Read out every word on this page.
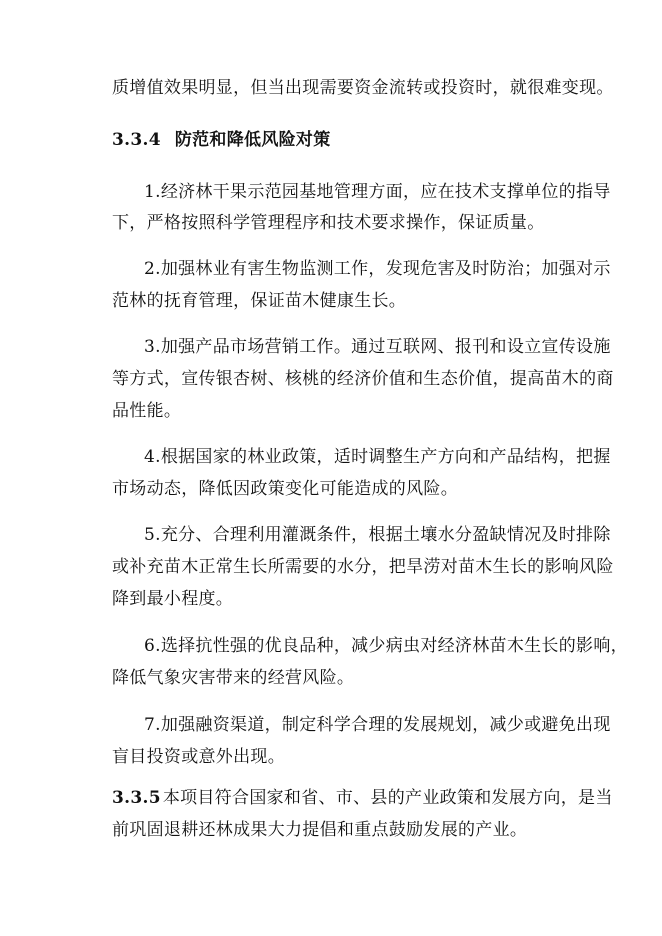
质增值效果明显，但当出现需要资金流转或投资时，就很难变现。
3.3.4 防范和降低风险对策
1.经济林干果示范园基地管理方面，应在技术支撑单位的指导
下，严格按照科学管理程序和技术要求操作，保证质量。
2.加强林业有害生物监测工作，发现危害及时防治；加强对示
范林的抚育管理，保证苗木健康生长。
3.加强产品市场营销工作。通过互联网、报刊和设立宣传设施
等方式，宣传银杏树、核桃的经济价值和生态价值，提高苗木的商
品性能。
4.根据国家的林业政策，适时调整生产方向和产品结构，把握
市场动态，降低因政策变化可能造成的风险。
5.充分、合理利用灌溉条件，根据土壤水分盈缺情况及时排除
或补充苗木正常生长所需要的水分，把旱涝对苗木生长的影响风险
降到最小程度。
6.选择抗性强的优良品种，减少病虫对经济林苗木生长的影响，
降低气象灾害带来的经营风险。
7.加强融资渠道，制定科学合理的发展规划，减少或避免出现
盲目投资或意外出现。
3.3.5 本项目符合国家和省、市、县的产业政策和发展方向，是当
前巩固退耕还林成果大力提倡和重点鼓励发展的产业。
